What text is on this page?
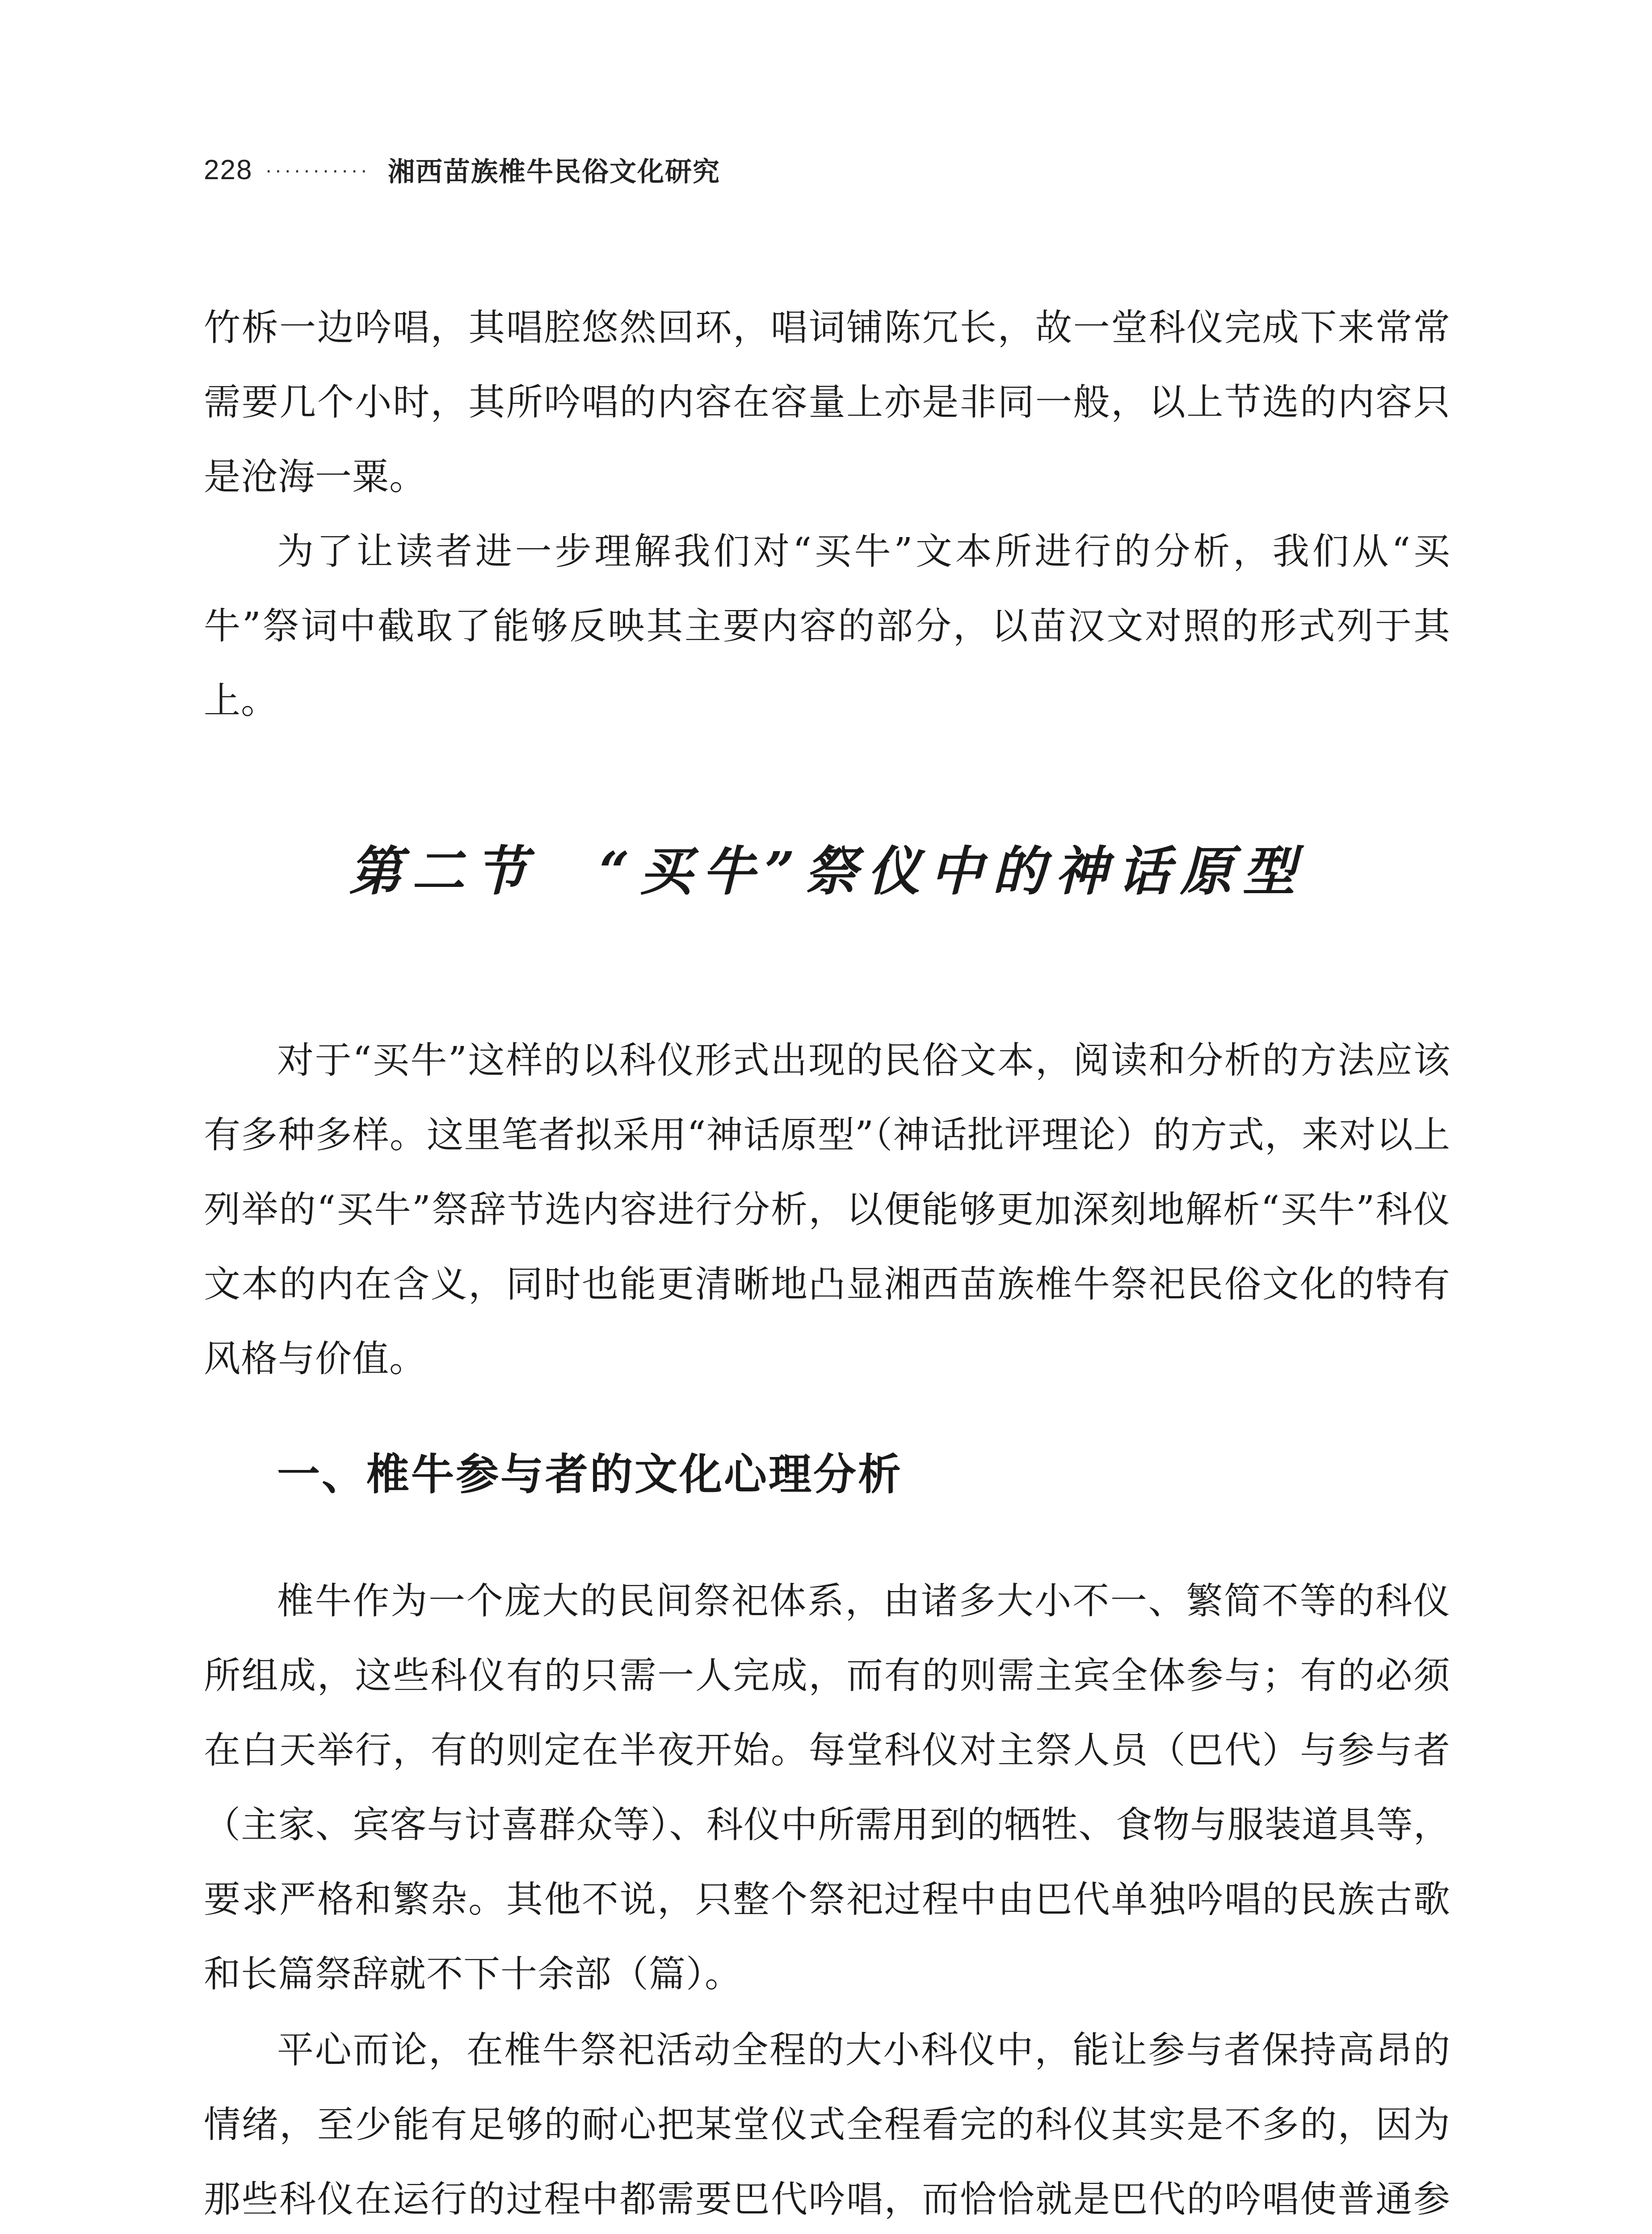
228 ··········· 湘西苗族椎牛民俗文化研究

竹柝一边吟唱，其唱腔悠然回环，唱词铺陈冗长，故一堂科仪完成下来常常需要几个小时，其所吟唱的内容在容量上亦是非同一般，以上节选的内容只是沧海一粟。

为了让读者进一步理解我们对“买牛”文本所进行的分析，我们从“买牛”祭词中截取了能够反映其主要内容的部分，以苗汉文对照的形式列于其上。

第二节　“买牛”祭仪中的神话原型

对于“买牛”这样的以科仪形式出现的民俗文本，阅读和分析的方法应该有多种多样。这里笔者拟采用“神话原型”（神话批评理论）的方式，来对以上列举的“买牛”祭辞节选内容进行分析，以便能够更加深刻地解析“买牛”科仪文本的内在含义，同时也能更清晰地凸显湘西苗族椎牛祭祀民俗文化的特有风格与价值。

一、椎牛参与者的文化心理分析

椎牛作为一个庞大的民间祭祀体系，由诸多大小不一、繁简不等的科仪所组成，这些科仪有的只需一人完成，而有的则需主宾全体参与；有的必须在白天举行，有的则定在半夜开始。每堂科仪对主祭人员（巴代）与参与者（主家、宾客与讨喜群众等）、科仪中所需用到的牺牲、食物与服装道具等，要求严格和繁杂。其他不说，只整个祭祀过程中由巴代单独吟唱的民族古歌和长篇祭辞就不下十余部（篇）。

平心而论，在椎牛祭祀活动全程的大小科仪中，能让参与者保持高昂的情绪，至少能有足够的耐心把某堂仪式全程看完的科仪其实是不多的，因为那些科仪在运行的过程中都需要巴代吟唱，而恰恰就是巴代的吟唱使普通参
